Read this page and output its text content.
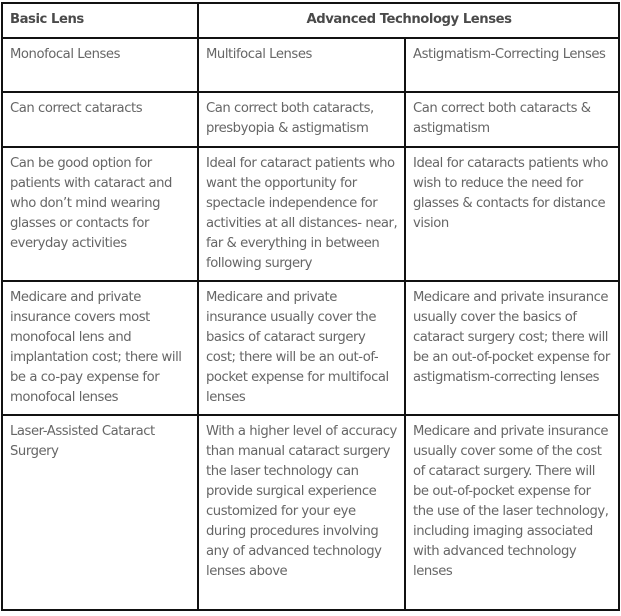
Basic Lens	Advanced Technology Lenses	
Monofocal Lenses	Multifocal Lenses	Astigmatism-Correcting Lenses
Can correct cataracts	Can correct both cataracts, presbyopia & astigmatism	Can correct both cataracts & astigmatism
Can be good option for patients with cataract and who don’t mind wearing glasses or contacts for everyday activities	Ideal for cataract patients who want the opportunity for spectacle independence for activities at all distances- near, far & everything in between following surgery	Ideal for cataracts patients who wish to reduce the need for glasses & contacts for distance vision
Medicare and private insurance covers most monofocal lens and implantation cost; there will be a co-pay expense for monofocal lenses	Medicare and private insurance usually cover the basics of cataract surgery cost; there will be an out-of-pocket expense for multifocal lenses	Medicare and private insurance usually cover the basics of cataract surgery cost; there will be an out-of-pocket expense for astigmatism-correcting lenses
Laser-Assisted Cataract Surgery	With a higher level of accuracy than manual cataract surgery the laser technology can provide surgical experience customized for your eye during procedures involving any of advanced technology lenses above	Medicare and private insurance usually cover some of the cost of cataract surgery. There will be out-of-pocket expense for the use of the laser technology, including imaging associated with advanced technology lenses
